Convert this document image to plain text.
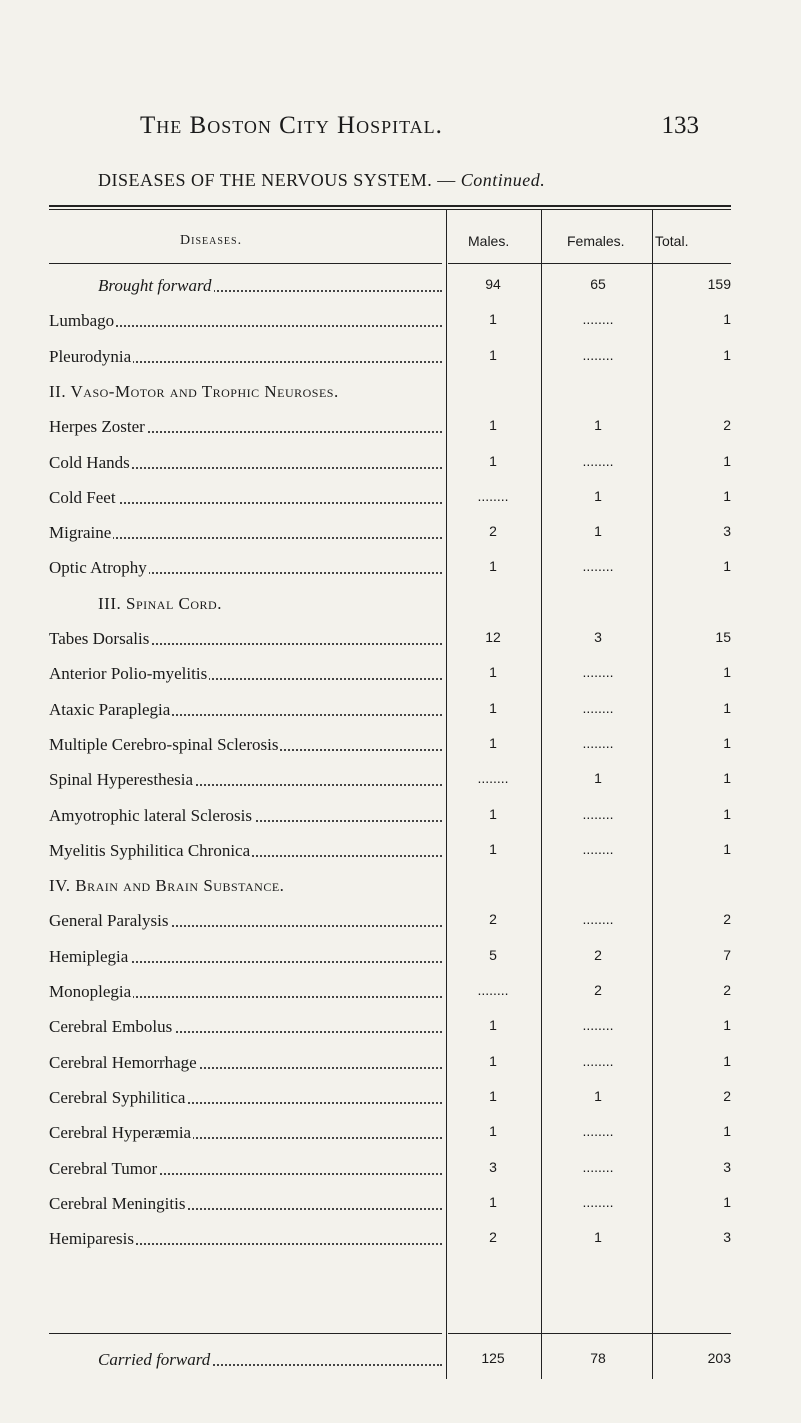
The Boston City Hospital.	133
DISEASES OF THE NERVOUS SYSTEM. — Continued.
Diseases.	Males.	Females. Total.
Brought forward	94	65	159
Lumbago	1	........	1
Pleurodynia	1	........	1
II. Vaso-Motor and Trophic Neuroses.
Herpes Zoster	1	1	2
Cold Hands	1	........	1
Cold Feet	........	1	1
Migraine	2	1	3
Optic Atrophy	1	........	1
III. Spinal Cord.
Tabes Dorsalis	12	3	15
Anterior Polio-myelitis	1	........	1
Ataxic Paraplegia	1	........	1
Multiple Cerebro-spinal Sclerosis	1	........	1
Spinal Hyperesthesia	........	1	1
Amyotrophic lateral Sclerosis	1	........	1
Myelitis Syphilitica Chronica	1	........	1
IV. Brain and Brain Substance.
General Paralysis	2	........	2
Hemiplegia	5	2	7
Monoplegia	........	2	2
Cerebral Embolus	1	........	1
Cerebral Hemorrhage	1	........	1
Cerebral Syphilitica	1	1	2
Cerebral Hyperæmia	1	........	1
Cerebral Tumor	3	........	3
Cerebral Meningitis	1	........	1
Hemiparesis	2	1	3
Carried forward	125	78	203
